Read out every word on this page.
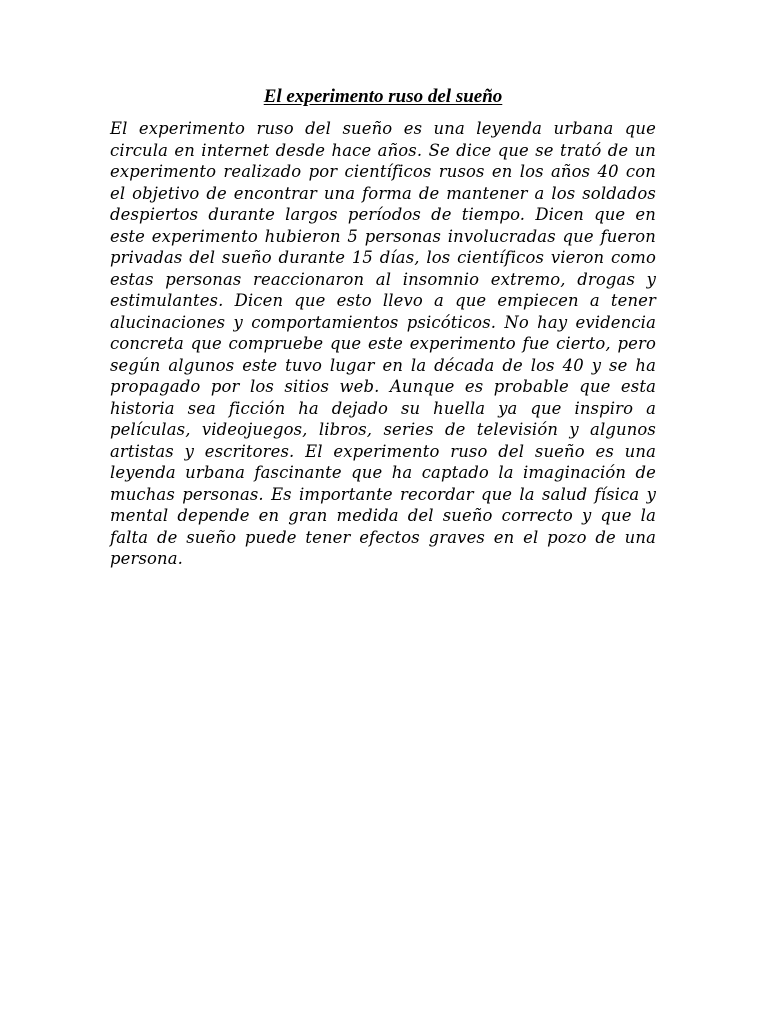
El experimento ruso del sueño

El experimento ruso del sueño es una leyenda urbana que circula en internet desde hace años. Se dice que se trató de un experimento realizado por científicos rusos en los años 40 con el objetivo de encontrar una forma de mantener a los soldados despiertos durante largos períodos de tiempo. Dicen que en este experimento hubieron 5 personas involucradas que fueron privadas del sueño durante 15 días, los científicos vieron como estas personas reaccionaron al insomnio extremo, drogas y estimulantes. Dicen que esto llevo a que empiecen a tener alucinaciones y comportamientos psicóticos. No hay evidencia concreta que compruebe que este experimento fue cierto, pero según algunos este tuvo lugar en la década de los 40 y se ha propagado por los sitios web. Aunque es probable que esta historia sea ficción ha dejado su huella ya que inspiro a películas, videojuegos, libros, series de televisión y algunos artistas y escritores. El experimento ruso del sueño es una leyenda urbana fascinante que ha captado la imaginación de muchas personas. Es importante recordar que la salud física y mental depende en gran medida del sueño correcto y que la falta de sueño puede tener efectos graves en el pozo de una persona.
